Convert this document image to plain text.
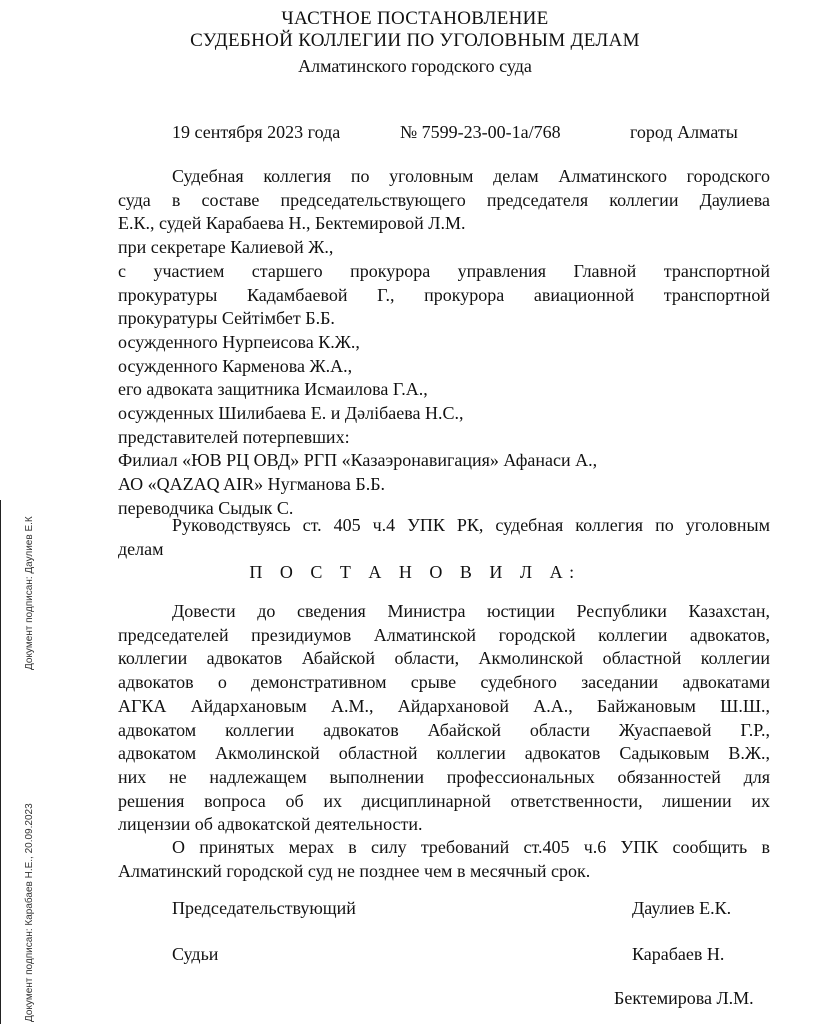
Документ подписан: Даулиев Е.К
Документ подписан: Карабаев Н.Е., 20.09.2023
ЧАСТНОЕ ПОСТАНОВЛЕНИЕ
СУДЕБНОЙ КОЛЛЕГИИ ПО УГОЛОВНЫМ ДЕЛАМ
Алматинского городского суда
19 сентября 2023 года	№ 7599-23-00-1а/768	город Алматы
Судебная коллегия по уголовным делам Алматинского городского
суда в составе председательствующего председателя коллегии Даулиева
Е.К., судей Карабаева Н., Бектемировой Л.М.
при секретаре Калиевой Ж.,
с участием старшего прокурора управления Главной транспортной
прокуратуры Кадамбаевой Г., прокурора авиационной транспортной
прокуратуры Сейтімбет Б.Б.
осужденного Нурпеисова К.Ж.,
осужденного Карменова Ж.А.,
его адвоката защитника Исмаилова Г.А.,
осужденных Шилибаева Е. и Дәлібаева Н.С.,
представителей потерпевших:
Филиал «ЮВ РЦ ОВД» РГП «Казаэронавигация» Афанаси А.,
АО «QAZAQ AIR» Нугманова Б.Б.
переводчика Сыдык С.
Руководствуясь ст. 405 ч.4 УПК РК, судебная коллегия по уголовным
делам
П О С Т А Н О В И Л А:
Довести до сведения Министра юстиции Республики Казахстан,
председателей президиумов Алматинской городской коллегии адвокатов,
коллегии адвокатов Абайской области, Акмолинской областной коллегии
адвокатов о демонстративном срыве судебного заседании адвокатами
АГКА Айдархановым А.М., Айдархановой А.А., Байжановым Ш.Ш.,
адвокатом коллегии адвокатов Абайской области Жуаспаевой Г.Р.,
адвокатом Акмолинской областной коллегии адвокатов Садыковым В.Ж.,
них не надлежащем выполнении профессиональных обязанностей для
решения вопроса об их дисциплинарной ответственности, лишении их
лицензии об адвокатской деятельности.
О принятых мерах в силу требований ст.405 ч.6 УПК сообщить в
Алматинский городской суд не позднее чем в месячный срок.
Председательствующий	Даулиев Е.К.
Судьи	Карабаев Н.
Бектемирова Л.М.
